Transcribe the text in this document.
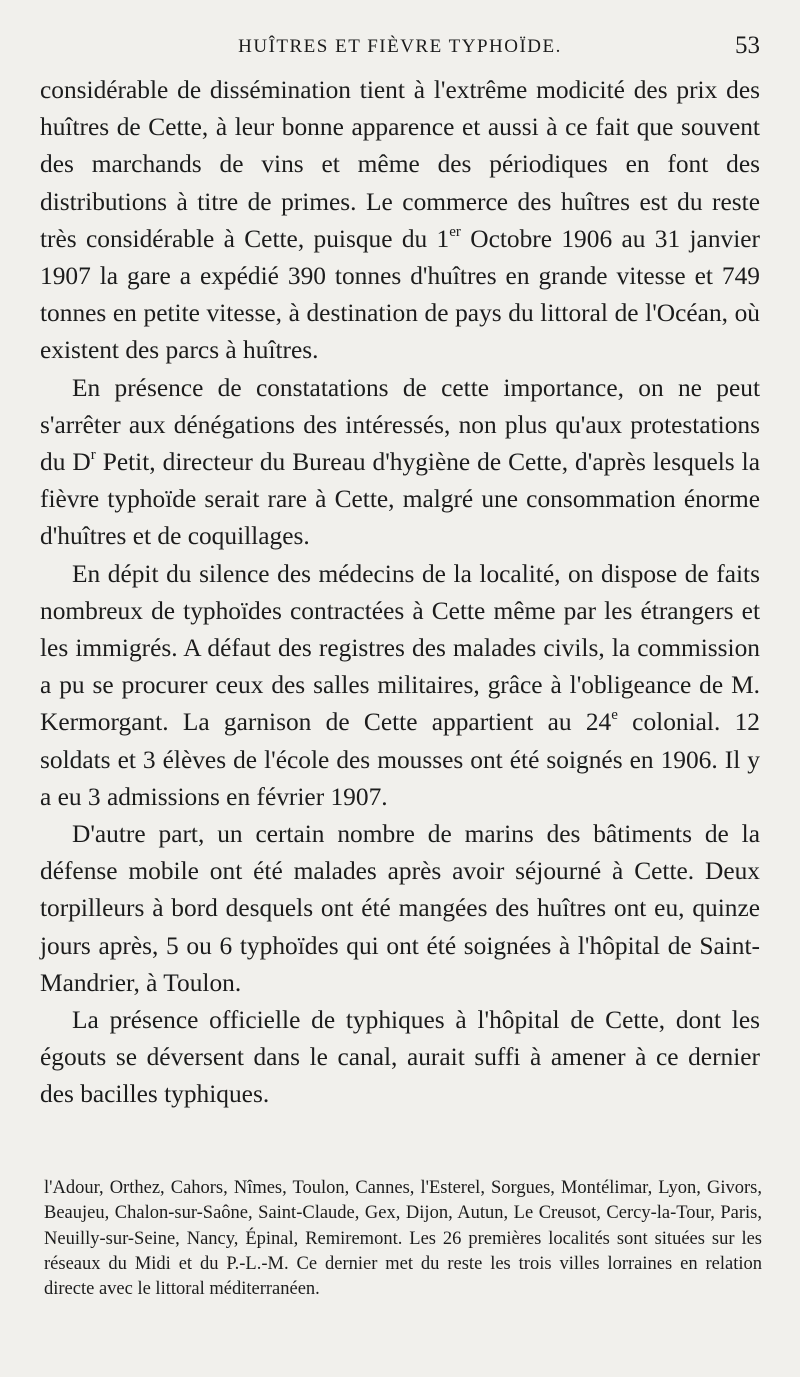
HUÎTRES ET FIÈVRE TYPHOÏDE.	53

considérable de dissémination tient à l'extrême modicité des prix des huîtres de Cette, à leur bonne apparence et aussi à ce fait que souvent des marchands de vins et même des périodiques en font des distributions à titre de primes. Le commerce des huîtres est du reste très considérable à Cette, puisque du 1er Octobre 1906 au 31 janvier 1907 la gare a expédié 390 tonnes d'huîtres en grande vitesse et 749 tonnes en petite vitesse, à destination de pays du littoral de l'Océan, où existent des parcs à huîtres.

En présence de constatations de cette importance, on ne peut s'arrêter aux dénégations des intéressés, non plus qu'aux protestations du $D^r$ Petit, directeur du Bureau d'hygiène de Cette, d'après lesquels la fièvre typhoïde serait rare à Cette, malgré une consommation énorme d'huîtres et de coquillages.

En dépit du silence des médecins de la localité, on dispose de faits nombreux de typhoïdes contractées à Cette même par les étrangers et les immigrés. A défaut des registres des malades civils, la commission a pu se procurer ceux des salles militaires, grâce à l'obligeance de M. Kermorgant. La garnison de Cette appartient au 24e colonial. 12 soldats et 3 élèves de l'école des mousses ont été soignés en 1906. Il y a eu 3 admissions en février 1907.

D'autre part, un certain nombre de marins des bâtiments de la défense mobile ont été malades après avoir séjourné à Cette. Deux torpilleurs à bord desquels ont été mangées des huîtres ont eu, quinze jours après, 5 ou 6 typhoïdes qui ont été soignées à l'hôpital de Saint-Mandrier, à Toulon.

La présence officielle de typhiques à l'hôpital de Cette, dont les égouts se déversent dans le canal, aurait suffi à amener à ce dernier des bacilles typhiques.

l'Adour, Orthez, Cahors, Nîmes, Toulon, Cannes, l'Esterel, Sorgues, Montélimar, Lyon, Givors, Beaujeu, Chalon-sur-Saône, Saint-Claude, Gex, Dijon, Autun, Le Creusot, Cercy-la-Tour, Paris, Neuilly-sur-Seine, Nancy, Épinal, Remiremont. Les 26 premières localités sont situées sur les réseaux du Midi et du P.-L.-M. Ce dernier met du reste les trois villes lorraines en relation directe avec le littoral méditerranéen.
